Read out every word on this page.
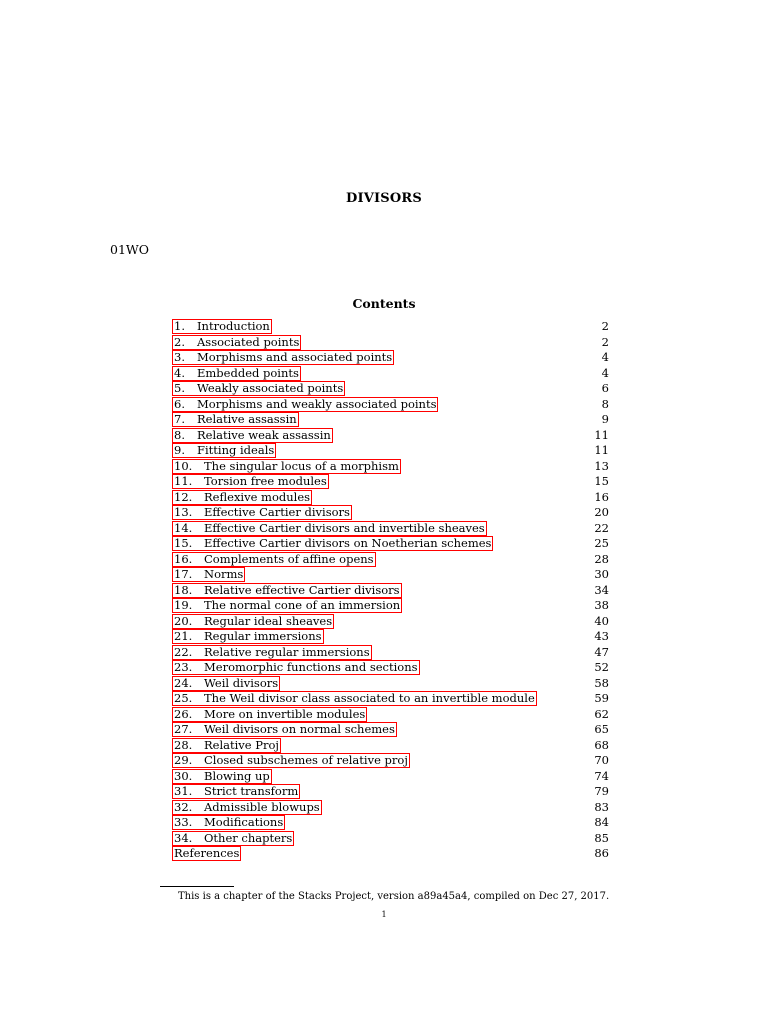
DIVISORS
01WO
Contents
1. Introduction	2
2. Associated points	2
3. Morphisms and associated points	4
4. Embedded points	4
5. Weakly associated points	6
6. Morphisms and weakly associated points	8
7. Relative assassin	9
8. Relative weak assassin	11
9. Fitting ideals	11
10. The singular locus of a morphism	13
11. Torsion free modules	15
12. Reflexive modules	16
13. Effective Cartier divisors	20
14. Effective Cartier divisors and invertible sheaves	22
15. Effective Cartier divisors on Noetherian schemes	25
16. Complements of affine opens	28
17. Norms	30
18. Relative effective Cartier divisors	34
19. The normal cone of an immersion	38
20. Regular ideal sheaves	40
21. Regular immersions	43
22. Relative regular immersions	47
23. Meromorphic functions and sections	52
24. Weil divisors	58
25. The Weil divisor class associated to an invertible module	59
26. More on invertible modules	62
27. Weil divisors on normal schemes	65
28. Relative Proj	68
29. Closed subschemes of relative proj	70
30. Blowing up	74
31. Strict transform	79
32. Admissible blowups	83
33. Modifications	84
34. Other chapters	85
References	86
This is a chapter of the Stacks Project, version a89a45a4, compiled on Dec 27, 2017.
1
